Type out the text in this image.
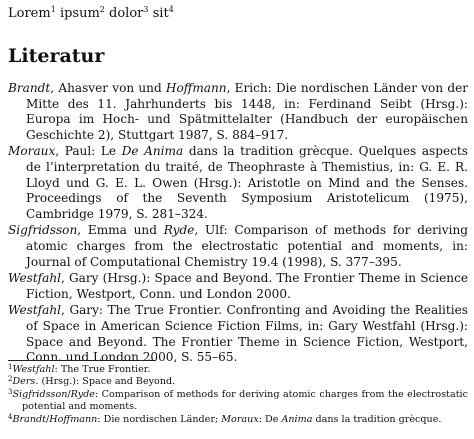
Lorem$^1$ ipsum$^2$ dolor$^3$ sit$^4$
Literatur

Brandt, Ahasver von und Hoffmann, Erich: Die nordischen Länder von der Mitte des 11. Jahrhunderts bis 1448, in: Ferdinand Seibt (Hrsg.): Europa im Hoch- und Spätmittelalter (Handbuch der europäischen Geschichte 2), Stuttgart 1987, S. 884–917.

Moraux, Paul: Le De Anima dans la tradition grècque. Quelques aspects de l’interpretation du traité, de Theophraste à Themistius, in: G. E. R. Lloyd und G. E. L. Owen (Hrsg.): Aristotle on Mind and the Senses. Proceedings of the Seventh Symposium Aristotelicum (1975), Cambridge 1979, S. 281–324.

Sigfridsson, Emma und Ryde, Ulf: Comparison of methods for deriving atomic charges from the electrostatic potential and moments, in: Journal of Computational Chemistry 19.4 (1998), S. 377–395.

Westfahl, Gary (Hrsg.): Space and Beyond. The Frontier Theme in Science Fiction, Westport, Conn. und London 2000.

Westfahl, Gary: The True Frontier. Confronting and Avoiding the Realities of Space in American Science Fiction Films, in: Gary Westfahl (Hrsg.): Space and Beyond. The Frontier Theme in Science Fiction, Westport, Conn. und London 2000, S. 55–65.

$^1$Westfahl: The True Frontier.

$^2$Ders. (Hrsg.): Space and Beyond.

$^3$Sigfridsson/Ryde: Comparison of methods for deriving atomic charges from the electrostatic potential and moments.

$^4$Brandt/Hoffmann: Die nordischen Länder; Moraux: De Anima dans la tradition grècque.
